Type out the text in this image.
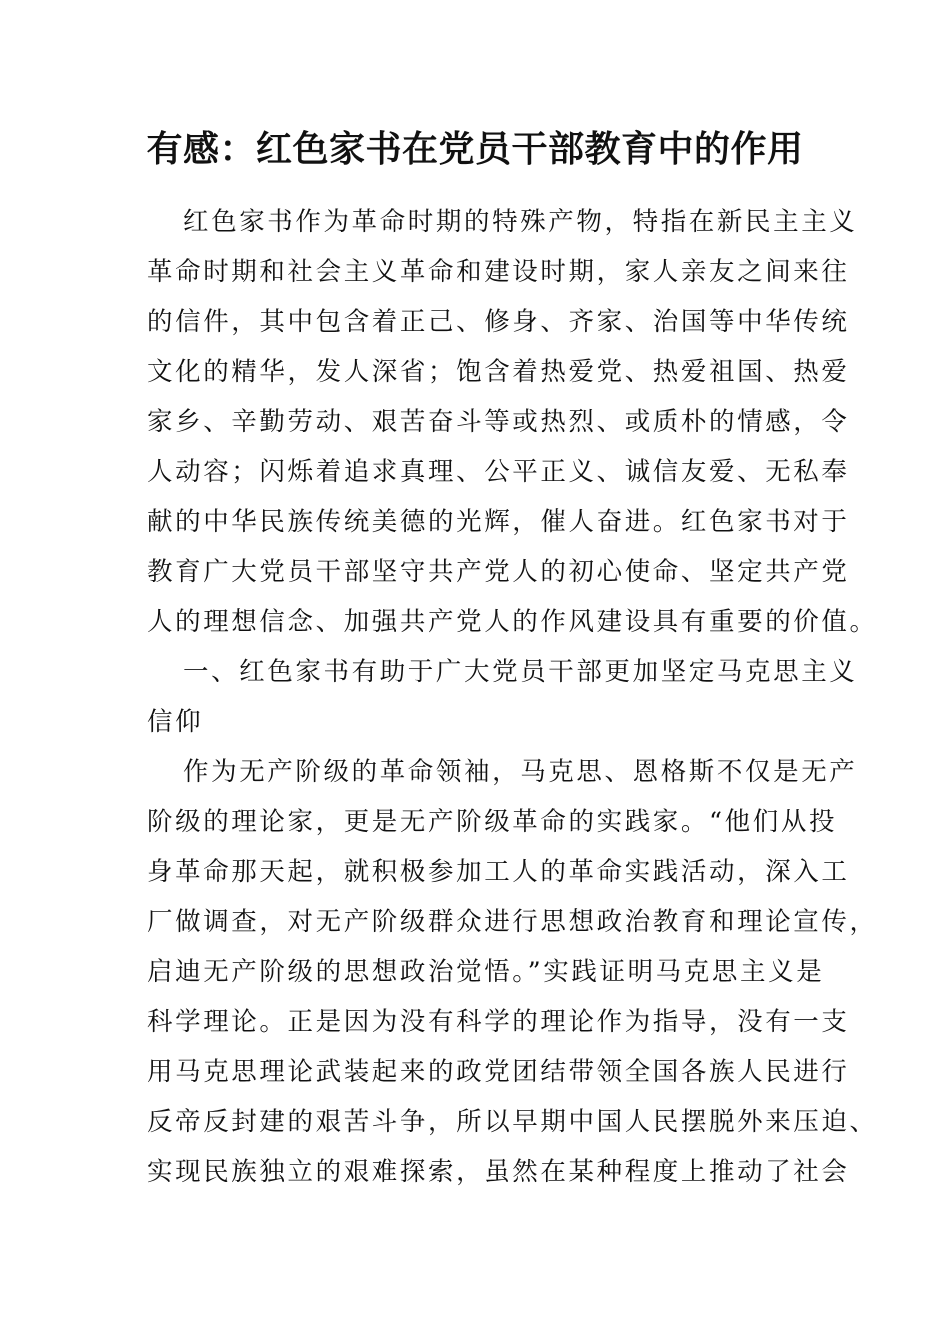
有感：红色家书在党员干部教育中的作用

红色家书作为革命时期的特殊产物，特指在新民主主义

革命时期和社会主义革命和建设时期，家人亲友之间来往

的信件，其中包含着正己、修身、齐家、治国等中华传统

文化的精华，发人深省；饱含着热爱党、热爱祖国、热爱

家乡、辛勤劳动、艰苦奋斗等或热烈、或质朴的情感，令

人动容；闪烁着追求真理、公平正义、诚信友爱、无私奉

献的中华民族传统美德的光辉，催人奋进。红色家书对于

教育广大党员干部坚守共产党人的初心使命、坚定共产党

人的理想信念、加强共产党人的作风建设具有重要的价值。

一、红色家书有助于广大党员干部更加坚定马克思主义

信仰

作为无产阶级的革命领袖，马克思、恩格斯不仅是无产

阶级的理论家，更是无产阶级革命的实践家。“他们从投

身革命那天起，就积极参加工人的革命实践活动，深入工

厂做调查，对无产阶级群众进行思想政治教育和理论宣传，

启迪无产阶级的思想政治觉悟。”实践证明马克思主义是

科学理论。正是因为没有科学的理论作为指导，没有一支

用马克思理论武装起来的政党团结带领全国各族人民进行

反帝反封建的艰苦斗争，所以早期中国人民摆脱外来压迫、

实现民族独立的艰难探索，虽然在某种程度上推动了社会
